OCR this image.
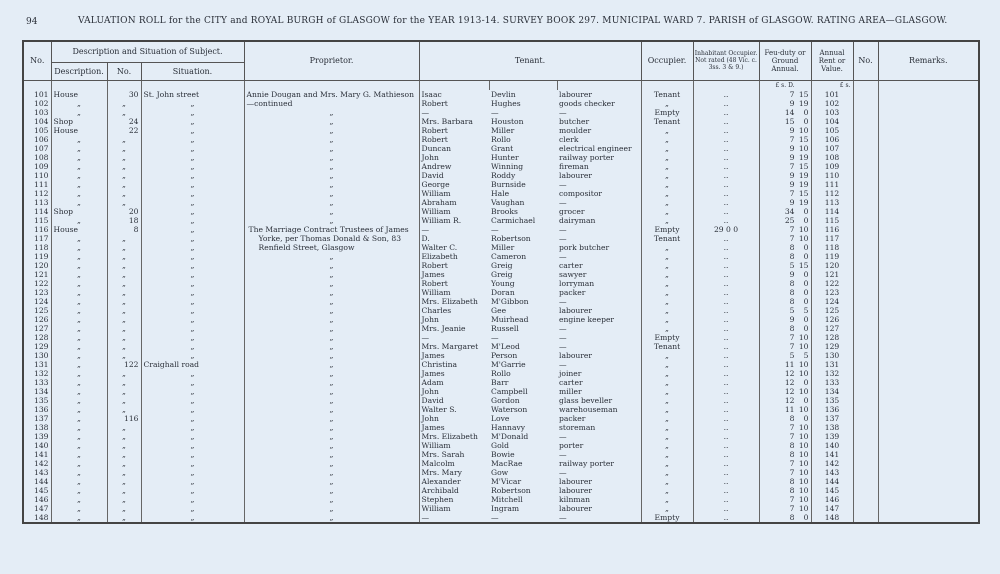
94	VALUATION ROLL for the CITY and ROYAL BURGH of GLASGOW for the YEAR 1913-14. SURVEY BOOK 297. MUNICIPAL WARD 7. PARISH of GLASGOW. RATING AREA—GLASGOW.
No.	Description and Situation of Subject.			Proprietor.	Tenant.			Occupier.	Inhabitant Occupier. Not rated (48 Vic. c. 3ss. 3 & 9.)	Feu-duty or Ground Annual.	Annual Rent or Value.	No.	Remarks.
	Description.	No.	Situation.										
										£ s. D.	£ s.		
101	House	30	St. John street	Annie Dougan and Mrs. Mary G. Mathieson	Isaac	Devlin	labourer	Tenant	..	7 15	101		
102	„	„	„	—continued	Robert	Hughes	goods checker	„	..	9 19	102		
103	„	„	„	„	—	—	—	Empty	..	14 0	103		
104	Shop	24	„	„	Mrs. Barbara	Houston	butcher	Tenant	..	15 0	104		
105	House	22	„	„	Robert	Miller	moulder	„	..	9 10	105		
106	„	„	„	„	Robert	Rollo	clerk	„	..	7 15	106		
107	„	„	„	„	Duncan	Grant	electrical engineer	„	..	9 10	107		
108	„	„	„	„	John	Hunter	railway porter	„	..	9 19	108		
109	„	„	„	„	Andrew	Winning	fireman	„	..	7 15	109		
110	„	„	„	„	David	Roddy	labourer	„	..	9 19	110		
111	„	„	„	„	George	Burnside	—	„	..	9 19	111		
112	„	„	„	„	William	Hale	compositor	„	..	7 15	112		
113	„	„	„	„	Abraham	Vaughan	—	„	..	9 19	113		
114	Shop	20	„	„	William	Brooks	grocer	„	..	34 0	114		
115	„	18	„	„	William R.	Carmichael	dairyman	„	..	25 0	115		
116	House	8	„	The Marriage Contract Trustees of James	—	—	—	Empty	29 0 0	7 10	116		
117	„	„	„	Yorke, per Thomas Donald & Son, 83	D.	Robertson	—	Tenant	..	7 10	117		
118	„	„	„	Renfield Street, Glasgow	Walter C.	Miller	pork butcher	„	..	8 0	118		
119	„	„	„	„	Elizabeth	Cameron	—	„	..	8 0	119		
120	„	„	„	„	Robert	Greig	carter	„	..	5 15	120		
121	„	„	„	„	James	Greig	sawyer	„	..	9 0	121		
122	„	„	„	„	Robert	Young	lorryman	„	..	8 0	122		
123	„	„	„	„	William	Doran	packer	„	..	8 0	123		
124	„	„	„	„	Mrs. Elizabeth	M'Gibbon	—	„	..	8 0	124		
125	„	„	„	„	Charles	Gee	labourer	„	..	5 5	125		
126	„	„	„	„	John	Muirhead	engine keeper	„	..	9 0	126		
127	„	„	„	„	Mrs. Jeanie	Russell	—	„	..	8 0	127		
128	„	„	„	„	—	—	—	Empty	..	7 10	128		
129	„	„	„	„	Mrs. Margaret	M'Leod	—	Tenant	..	7 10	129		
130	„	„	„	„	James	Person	labourer	„	..	5 5	130		
131	„	122	Craighall road	„	Christina	M'Garrie	—	„	..	11 10	131		
132	„	„	„	„	James	Rollo	joiner	„	..	12 10	132		
133	„	„	„	„	Adam	Barr	carter	„	..	12 0	133		
134	„	„	„	„	John	Campbell	miller	„	..	12 10	134		
135	„	„	„	„	David	Gordon	glass beveller	„	..	12 0	135		
136	„	„	„	„	Walter S.	Waterson	warehouseman	„	..	11 10	136		
137	„	116	„	„	John	Love	packer	„	..	8 0	137		
138	„	„	„	„	James	Hannavy	storeman	„	..	7 10	138		
139	„	„	„	„	Mrs. Elizabeth	M'Donald	—	„	..	7 10	139		
140	„	„	„	„	William	Gold	porter	„	..	8 10	140		
141	„	„	„	„	Mrs. Sarah	Bowie	—	„	..	8 10	141		
142	„	„	„	„	Malcolm	MacRae	railway porter	„	..	7 10	142		
143	„	„	„	„	Mrs. Mary	Gow	—	„	..	7 10	143		
144	„	„	„	„	Alexander	M'Vicar	labourer	„	..	8 10	144		
145	„	„	„	„	Archibald	Robertson	labourer	„	..	8 10	145		
146	„	„	„	„	Stephen	Mitchell	kilnman	„	..	7 10	146		
147	„	„	„	„	William	Ingram	labourer	„	..	7 10	147		
148	„	„	„	„	—	—	—	Empty	..	8 0	148		
